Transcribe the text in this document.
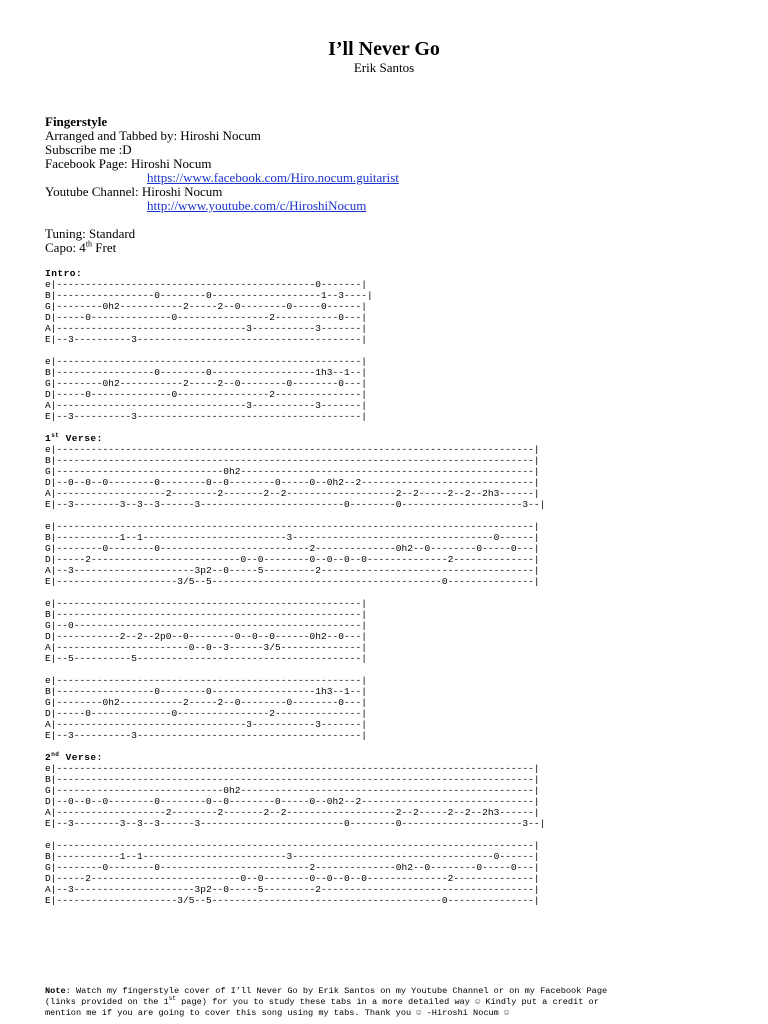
I’ll Never Go
Erik Santos
Fingerstyle
Arranged and Tabbed by: Hiroshi Nocum
Subscribe me :D
Facebook Page: Hiroshi Nocum
https://www.facebook.com/Hiro.nocum.guitarist
Youtube Channel: Hiroshi Nocum
http://www.youtube.com/c/HiroshiNocum
Tuning: Standard
Capo: 4th Fret
Intro:
e|---------------------------------------------0-------|
B|-----------------0--------0-------------------1--3----|
G|--------0h2-----------2-----2--0--------0-----0------|
D|-----0--------------0----------------2-----------0---|
A|---------------------------------3-----------3-------|
E|--3----------3---------------------------------------|
e|-----------------------------------------------------|
B|-----------------0--------0------------------1h3--1--|
G|--------0h2-----------2-----2--0--------0--------0---|
D|-----0--------------0----------------2---------------|
A|---------------------------------3-----------3-------|
E|--3----------3---------------------------------------|
1st Verse:
e|-----------------------------------------------------------------------------------|
B|-----------------------------------------------------------------------------------|
G|-----------------------------0h2---------------------------------------------------|
D|--0--0--0--------0--------0--0--------0-----0--0h2--2------------------------------|
A|-------------------2--------2-------2--2-------------------2--2-----2--2--2h3------|
E|--3--------3--3--3------3-------------------------0--------0---------------------3--|
e|-----------------------------------------------------------------------------------|
B|-----------1--1-------------------------3-----------------------------------0------|
G|--------0--------0--------------------------2--------------0h2--0--------0-----0---|
D|-----2--------------------------0--0--------0--0--0--0--------------2--------------|
A|--3---------------------3p2--0-----5---------2-------------------------------------|
E|---------------------3/5--5----------------------------------------0---------------|
e|-----------------------------------------------------|
B|-----------------------------------------------------|
G|--0--------------------------------------------------|
D|-----------2--2--2p0--0--------0--0--0------0h2--0---|
A|-----------------------0--0--3------3/5--------------|
E|--5----------5---------------------------------------|
e|-----------------------------------------------------|
B|-----------------0--------0------------------1h3--1--|
G|--------0h2-----------2-----2--0--------0--------0---|
D|-----0--------------0----------------2---------------|
A|---------------------------------3-----------3-------|
E|--3----------3---------------------------------------|
2nd Verse:
e|-----------------------------------------------------------------------------------|
B|-----------------------------------------------------------------------------------|
G|-----------------------------0h2---------------------------------------------------|
D|--0--0--0--------0--------0--0--------0-----0--0h2--2------------------------------|
A|-------------------2--------2-------2--2-------------------2--2-----2--2--2h3------|
E|--3--------3--3--3------3-------------------------0--------0---------------------3--|
e|-----------------------------------------------------------------------------------|
B|-----------1--1-------------------------3-----------------------------------0------|
G|--------0--------0--------------------------2--------------0h2--0--------0-----0---|
D|-----2--------------------------0--0--------0--0--0--0--------------2--------------|
A|--3---------------------3p2--0-----5---------2-------------------------------------|
E|---------------------3/5--5----------------------------------------0---------------|
Note: Watch my fingerstyle cover of I’ll Never Go by Erik Santos on my Youtube Channel or on my Facebook Page
(links provided on the 1st page) for you to study these tabs in a more detailed way ☺ Kindly put a credit or
mention me if you are going to cover this song using my tabs. Thank you ☺ -Hiroshi Nocum ☺
